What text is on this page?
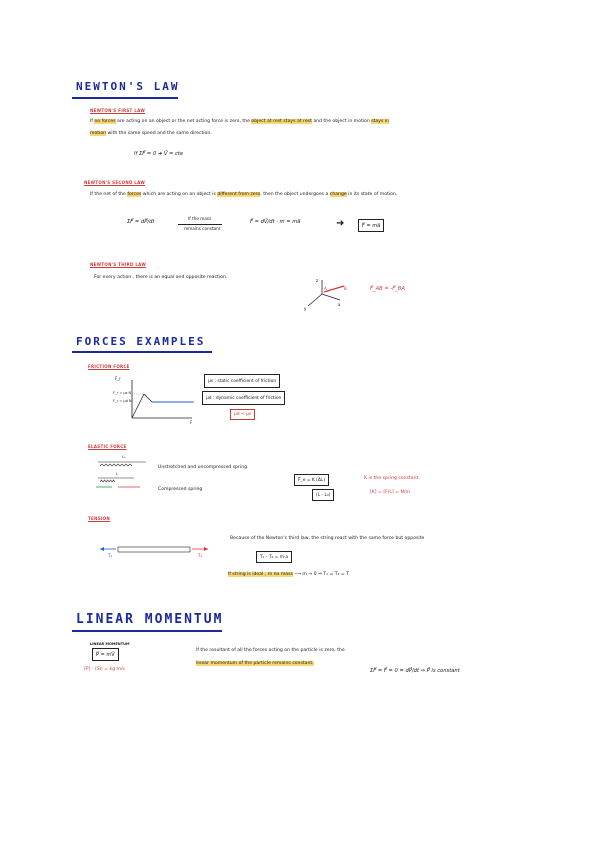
NEWTON'S LAW
NEWTON'S FIRST LAW
If no forces are acting on an object or the net acting force is zero, the object at rest stays at rest and the object in motion stays in
motion with the same speed and the same direction.
If ΣF⃗ = 0 ➜ V⃗ = cte
NEWTON'S SECOND LAW
If the net of the forces which are acting on an object is different from zero, then the object undergoes a change in its state of motion.
ΣF⃗ = dP⃗/dt
If the mass
remains constant
F⃗ = dV⃗/dt · m = ma⃗	➜	F⃗ = ma⃗
NEWTON'S THIRD LAW
For every action , there is an equal and opposite reaction.
z
y
x
A	B	F⃗_AB = -F⃗_BA
FORCES EXAMPLES
FRICTION FORCE
F_r
F
F_r = μs N
F_r = μd N
μs : static coefficient of friction
μd : dynamic coefficient of friction
μd < μs
ELASTIC FORCE
L₀
L
Unstretched and uncompressed spring
Compressed spring
F⃗_e = K (ΔL)
(L - L₀)
K is the spring constant
[K] = [F/L] = N/m
TENSION
T₁	T₂
Because of the Newton's third law, the string react with the same force but opposite
T₁ - T₂ = m·a
If string is ideal , m no mass ⟶ m → 0 ⇒ T₁ = T₂ = T
LINEAR MOMENTUM
LINEAR MOMENTUM
P⃗ = mV⃗
[P] : (SI) = kg m/s
If the resultant of all the forces acting on the particle is zero, the
linear momentum of the particle remains constant.
ΣF⃗ = F⃗ = 0 = dP⃗/dt ⇒ P⃗ is constant
